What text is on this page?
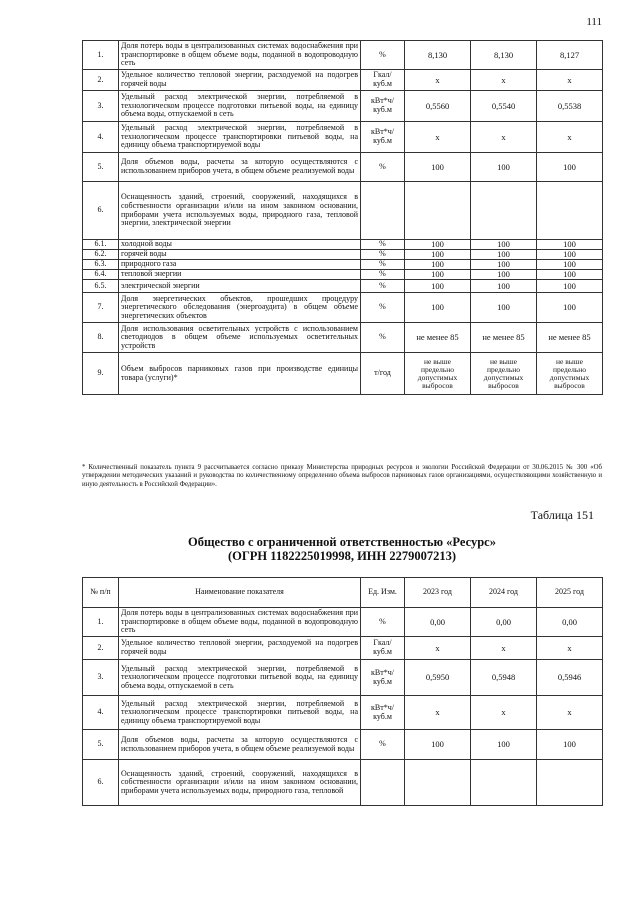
111
1.	Доля потерь воды в централизованных системах водоснабжения при транспортировке в общем объеме воды, поданной в водопроводную сеть	%	8,130	8,130	8,127
2.	Удельное количество тепловой энергии, расходуемой на подогрев горячей воды	Гкал/ куб.м	х	х	х
3.	Удельный расход электрической энергии, потребляемой в технологическом процессе подготовки питьевой воды, на единицу объема воды, отпускаемой в сеть	кВт*ч/ куб.м	0,5560	0,5540	0,5538
4.	Удельный расход электрической энергии, потребляемой в технологическом процессе транспортировки питьевой воды, на единицу объема транспортируемой воды	кВт*ч/ куб.м	х	х	х
5.	Доля объемов воды, расчеты за которую осуществляются с использованием приборов учета, в общем объеме реализуемой воды	%	100	100	100
6.	Оснащенность зданий, строений, сооружений, находящихся в собственности организации и/или на ином законном основании, приборами учета используемых воды, природного газа, тепловой энергии, электрической энергии				
6.1.	холодной воды	%	100	100	100
6.2.	горячей воды	%	100	100	100
6.3.	природного газа	%	100	100	100
6.4.	тепловой энергии	%	100	100	100
6.5.	электрической энергии	%	100	100	100
7.	Доля энергетических объектов, прошедших процедуру энергетического обследования (энергоаудита) в общем объеме энергетических объектов	%	100	100	100
8.	Доля использования осветительных устройств с использованием светодиодов в общем объеме используемых осветительных устройств	%	не менее 85	не менее 85	не менее 85
9.	Объем выбросов парниковых газов при производстве единицы товара (услуги)*	т/год	не выше предельно допустимых выбросов	не выше предельно допустимых выбросов	не выше предельно допустимых выбросов
* Количественный показатель пункта 9 рассчитывается согласно приказу Министерства природных ресурсов и экологии Российской Федерации от 30.06.2015 № 300 «Об утверждении методических указаний и руководства по количественному определению объема выбросов парниковых газов организациями, осуществляющими хозяйственную и иную деятельность в Российской Федерации».
Таблица 151
Общество с ограниченной ответственностью «Ресурс»
(ОГРН 1182225019998, ИНН 2279007213)
№ п/п	Наименование показателя	Ед. Изм.	2023 год	2024 год	2025 год
1.	Доля потерь воды в централизованных системах водоснабжения при транспортировке в общем объеме воды, поданной в водопроводную сеть	%	0,00	0,00	0,00
2.	Удельное количество тепловой энергии, расходуемой на подогрев горячей воды	Гкал/ куб.м	х	х	х
3.	Удельный расход электрической энергии, потребляемой в технологическом процессе подготовки питьевой воды, на единицу объема воды, отпускаемой в сеть	кВт*ч/ куб.м	0,5950	0,5948	0,5946
4.	Удельный расход электрической энергии, потребляемой в технологическом процессе транспортировки питьевой воды, на единицу объема транспортируемой воды	кВт*ч/ куб.м	х	х	х
5.	Доля объемов воды, расчеты за которую осуществляются с использованием приборов учета, в общем объеме реализуемой воды	%	100	100	100
6.	Оснащенность зданий, строений, сооружений, находящихся в собственности организации и/или на ином законном основании, приборами учета используемых воды, природного газа, тепловой				
